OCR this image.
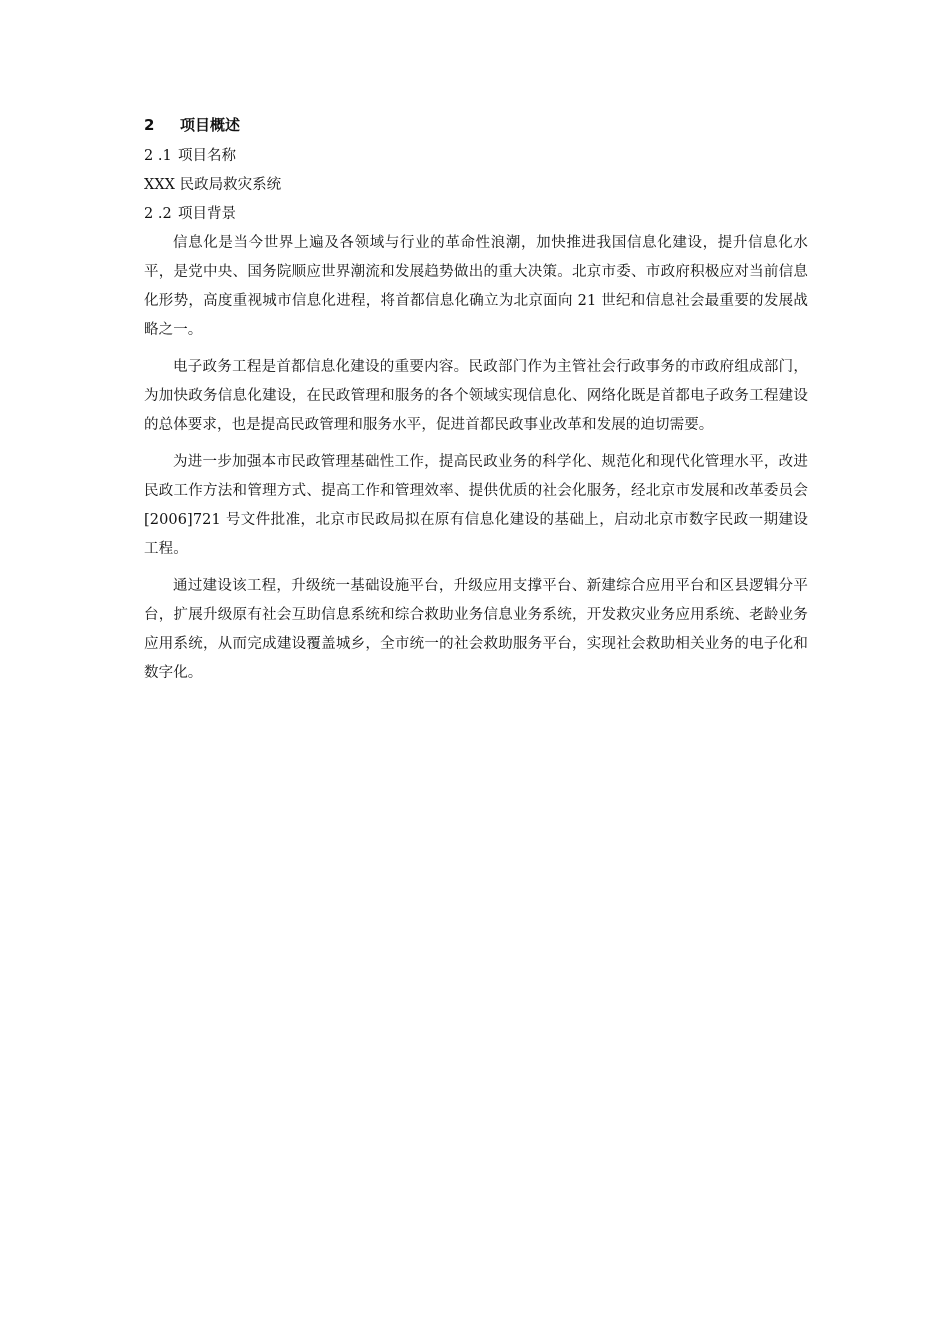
2 项目概述
2 .1 项目名称
XXX 民政局救灾系统
2 .2 项目背景

信息化是当今世界上遍及各领域与行业的革命性浪潮，加快推进我国信息化建设，提升信息化水平，是党中央、国务院顺应世界潮流和发展趋势做出的重大决策。北京市委、市政府积极应对当前信息化形势，高度重视城市信息化进程，将首都信息化确立为北京面向 21 世纪和信息社会最重要的发展战略之一。

电子政务工程是首都信息化建设的重要内容。民政部门作为主管社会行政事务的市政府组成部门，为加快政务信息化建设，在民政管理和服务的各个领域实现信息化、网络化既是首都电子政务工程建设的总体要求，也是提高民政管理和服务水平，促进首都民政事业改革和发展的迫切需要。

为进一步加强本市民政管理基础性工作，提高民政业务的科学化、规范化和现代化管理水平，改进民政工作方法和管理方式、提高工作和管理效率、提供优质的社会化服务，经北京市发展和改革委员会[2006]721 号文件批准，北京市民政局拟在原有信息化建设的基础上，启动北京市数字民政一期建设工程。

通过建设该工程，升级统一基础设施平台，升级应用支撑平台、新建综合应用平台和区县逻辑分平台，扩展升级原有社会互助信息系统和综合救助业务信息业务系统，开发救灾业务应用系统、老龄业务应用系统，从而完成建设覆盖城乡，全市统一的社会救助服务平台，实现社会救助相关业务的电子化和数字化。
